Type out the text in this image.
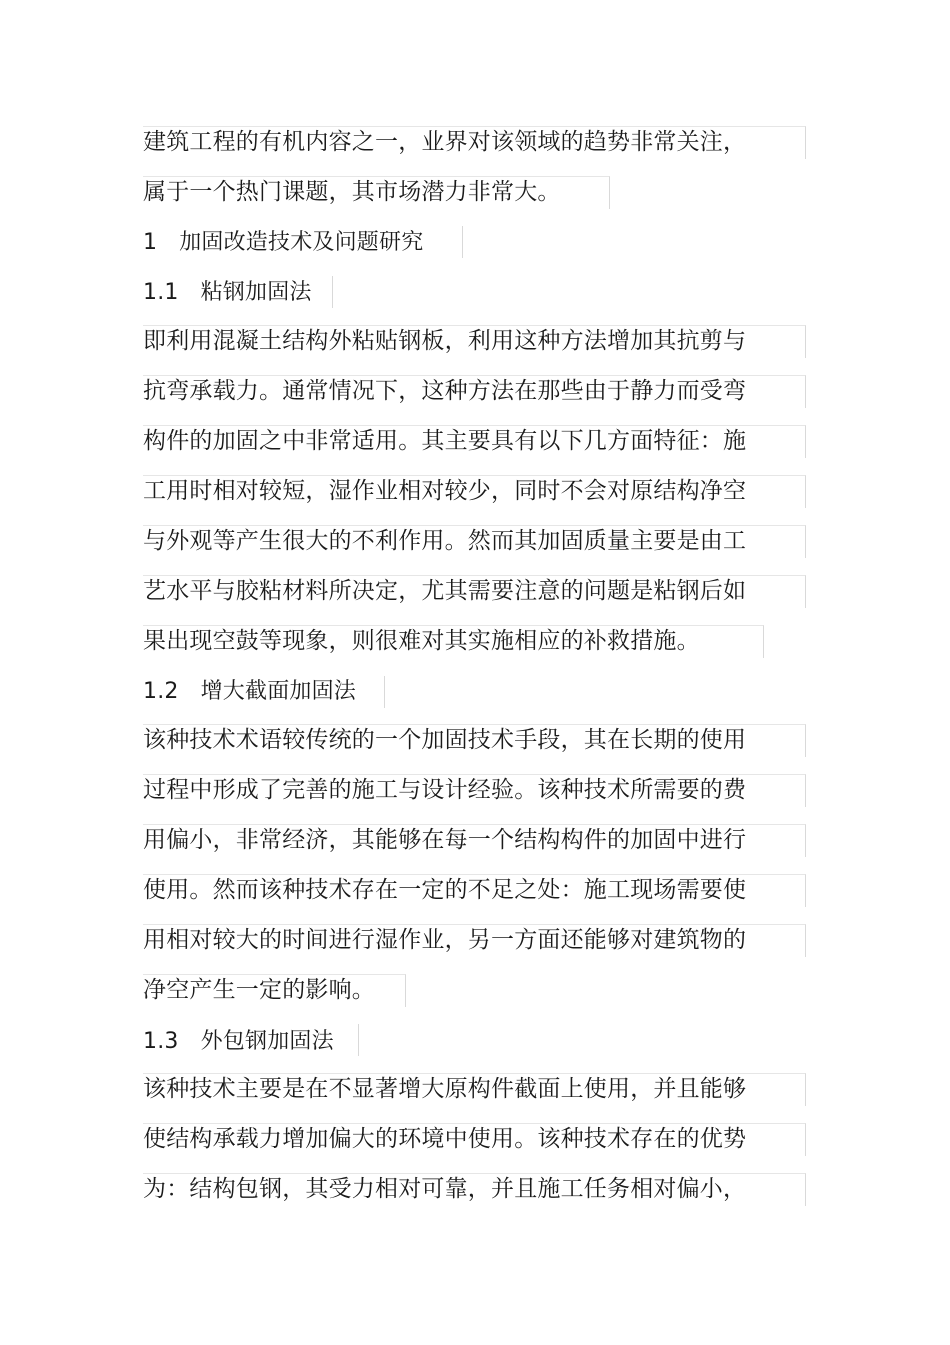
建筑工程的有机内容之一，业界对该领域的趋势非常关注，
属于一个热门课题，其市场潜力非常大。
1 加固改造技术及问题研究
1.1 粘钢加固法
即利用混凝土结构外粘贴钢板，利用这种方法增加其抗剪与
抗弯承载力。通常情况下，这种方法在那些由于静力而受弯
构件的加固之中非常适用。其主要具有以下几方面特征：施
工用时相对较短，湿作业相对较少，同时不会对原结构净空
与外观等产生很大的不利作用。然而其加固质量主要是由工
艺水平与胶粘材料所决定，尤其需要注意的问题是粘钢后如
果出现空鼓等现象，则很难对其实施相应的补救措施。
1.2 增大截面加固法
该种技术术语较传统的一个加固技术手段，其在长期的使用
过程中形成了完善的施工与设计经验。该种技术所需要的费
用偏小，非常经济，其能够在每一个结构构件的加固中进行
使用。然而该种技术存在一定的不足之处：施工现场需要使
用相对较大的时间进行湿作业，另一方面还能够对建筑物的
净空产生一定的影响。
1.3 外包钢加固法
该种技术主要是在不显著增大原构件截面上使用，并且能够
使结构承载力增加偏大的环境中使用。该种技术存在的优势
为：结构包钢，其受力相对可靠，并且施工任务相对偏小，
